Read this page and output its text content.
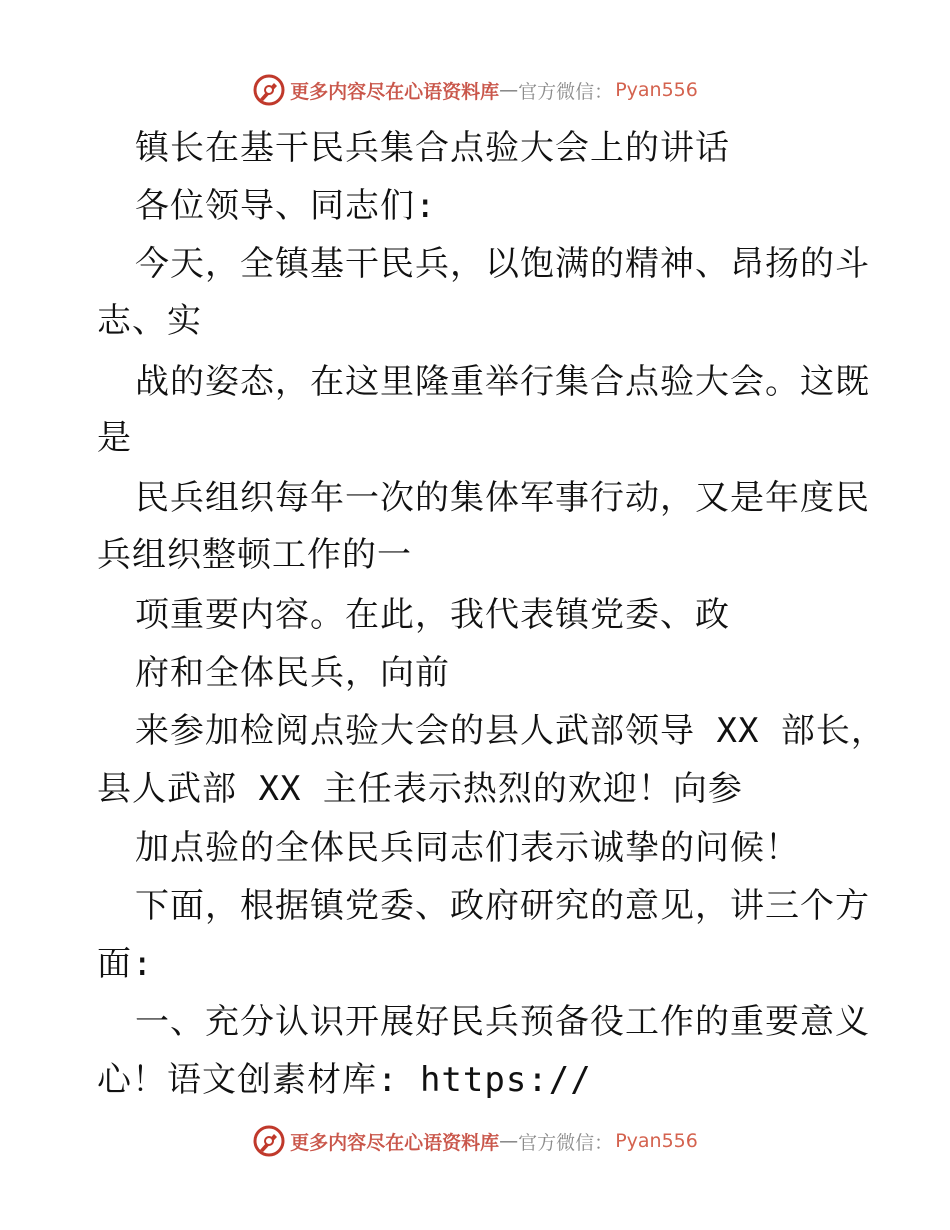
更多内容尽在心语资料库 — 官方微信： Pyan556
镇长在基干民兵集合点验大会上的讲话
各位领导、同志们:
今天，全镇基干民兵，以饱满的精神、昂扬的斗
志、实
战的姿态，在这里隆重举行集合点验大会。这既
是
民兵组织每年一次的集体军事行动，又是年度民
兵组织整顿工作的一
项重要内容。在此，我代表镇党委、政
府和全体民兵，向前
来参加检阅点验大会的县人武部领导 XX 部长，
县人武部 XX 主任表示热烈的欢迎！向参
加点验的全体民兵同志们表示诚挚的问候！
下面，根据镇党委、政府研究的意见，讲三个方
面:
一、充分认识开展好民兵预备役工作的重要意义
心！语文创素材库: https://
更多内容尽在心语资料库 — 官方微信： Pyan556
